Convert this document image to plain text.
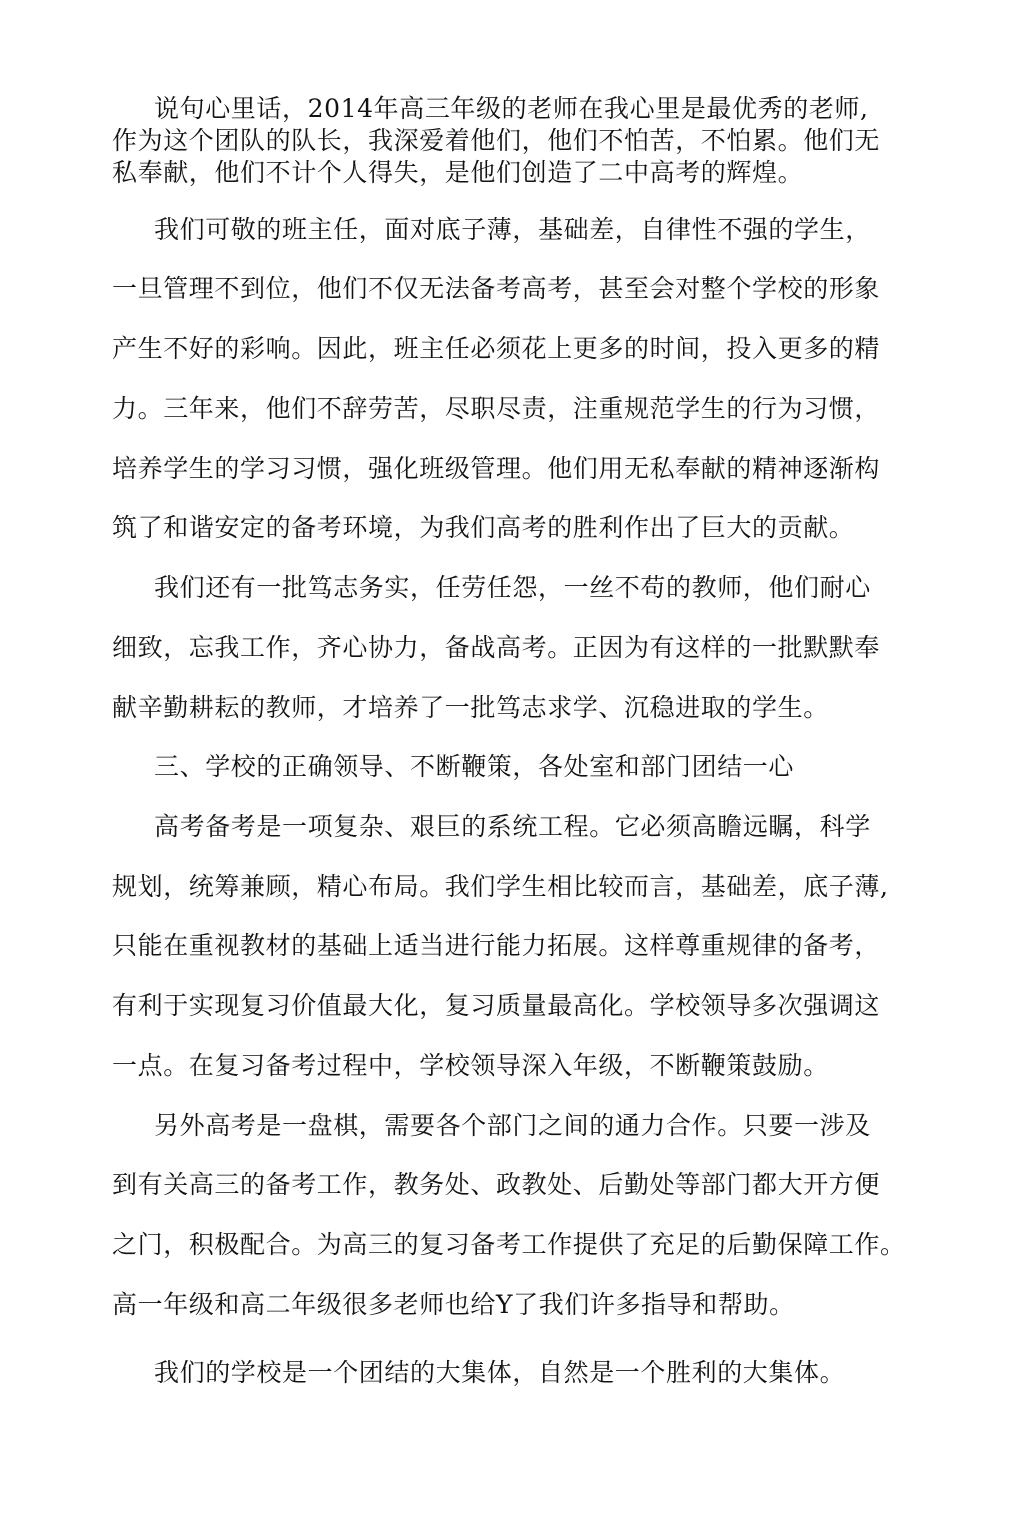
说句心里话，2014年高三年级的老师在我心里是最优秀的老师,
作为这个团队的队长，我深爱着他们，他们不怕苦，不怕累。他们无
私奉献，他们不计个人得失，是他们创造了二中高考的辉煌。
我们可敬的班主任，面对底子薄，基础差，自律性不强的学生，
一旦管理不到位，他们不仅无法备考高考，甚至会对整个学校的形象
产生不好的彩响。因此，班主任必须花上更多的时间，投入更多的精
力。三年来，他们不辞劳苦，尽职尽责，注重规范学生的行为习惯，
培养学生的学习习惯，强化班级管理。他们用无私奉献的精神逐渐构
筑了和谐安定的备考环境，为我们高考的胜利作出了巨大的贡献。
我们还有一批笃志务实，任劳任怨，一丝不苟的教师，他们耐心
细致，忘我工作，齐心协力，备战高考。正因为有这样的一批默默奉
献辛勤耕耘的教师，才培养了一批笃志求学、沉稳进取的学生。
三、学校的正确领导、不断鞭策，各处室和部门团结一心
高考备考是一项复杂、艰巨的系统工程。它必须高瞻远瞩，科学
规划，统筹兼顾，精心布局。我们学生相比较而言，基础差，底子薄,
只能在重视教材的基础上适当进行能力拓展。这样尊重规律的备考，
有利于实现复习价值最大化，复习质量最高化。学校领导多次强调这
一点。在复习备考过程中，学校领导深入年级，不断鞭策鼓励。
另外高考是一盘棋，需要各个部门之间的通力合作。只要一涉及
到有关高三的备考工作，教务处、政教处、后勤处等部门都大开方便
之门，积极配合。为高三的复习备考工作提供了充足的后勤保障工作。
高一年级和高二年级很多老师也给Y了我们许多指导和帮助。
我们的学校是一个团结的大集体，自然是一个胜利的大集体。
